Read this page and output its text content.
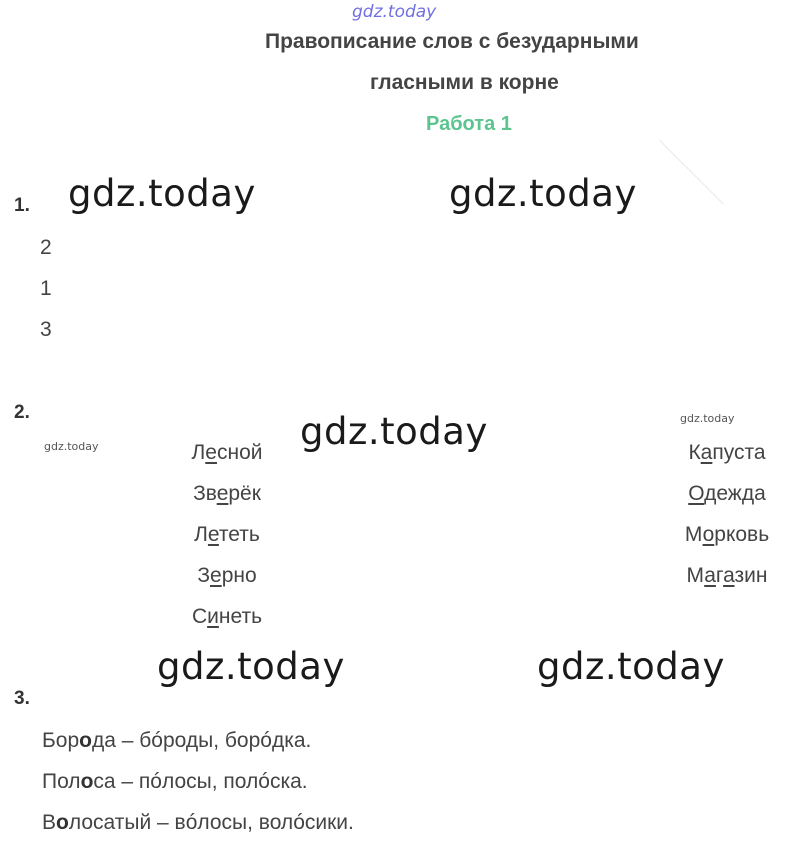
gdz.today
Правописание слов с безударными
гласными в корне
Работа 1
1. gdz.today	gdz.today
2
1
3
2.
gdz.today	gdz.today	gdz.today
Лесной
Зверёк
Лететь
Зерно
Синеть
Капуста
Одежда
Морковь
Магазин
gdz.today	gdz.today
3.
Борода – бóроды, борóдка.
Полоса – пóлосы, полóска.
Волосатый – вóлосы, волóсики.
